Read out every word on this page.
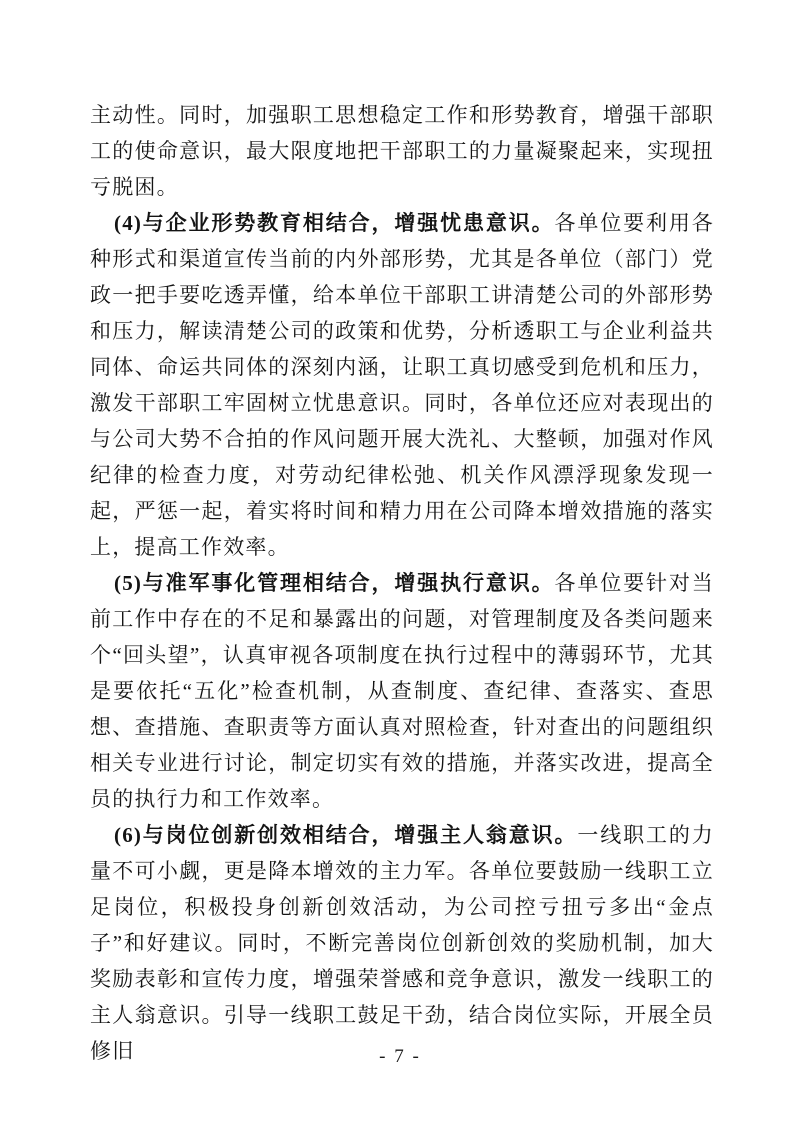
主动性。同时，加强职工思想稳定工作和形势教育，增强干部职工的使命意识，最大限度地把干部职工的力量凝聚起来，实现扭亏脱困。

(4)与企业形势教育相结合，增强忧患意识。各单位要利用各种形式和渠道宣传当前的内外部形势，尤其是各单位（部门）党政一把手要吃透弄懂，给本单位干部职工讲清楚公司的外部形势和压力，解读清楚公司的政策和优势，分析透职工与企业利益共同体、命运共同体的深刻内涵，让职工真切感受到危机和压力，激发干部职工牢固树立忧患意识。同时，各单位还应对表现出的与公司大势不合拍的作风问题开展大洗礼、大整顿，加强对作风纪律的检查力度，对劳动纪律松弛、机关作风漂浮现象发现一起，严惩一起，着实将时间和精力用在公司降本增效措施的落实上，提高工作效率。

(5)与准军事化管理相结合，增强执行意识。各单位要针对当前工作中存在的不足和暴露出的问题，对管理制度及各类问题来个“回头望”，认真审视各项制度在执行过程中的薄弱环节，尤其是要依托“五化”检查机制，从查制度、查纪律、查落实、查思想、查措施、查职责等方面认真对照检查，针对查出的问题组织相关专业进行讨论，制定切实有效的措施，并落实改进，提高全员的执行力和工作效率。

(6)与岗位创新创效相结合，增强主人翁意识。一线职工的力量不可小觑，更是降本增效的主力军。各单位要鼓励一线职工立足岗位，积极投身创新创效活动，为公司控亏扭亏多出“金点子”和好建议。同时，不断完善岗位创新创效的奖励机制，加大奖励表彰和宣传力度，增强荣誉感和竞争意识，激发一线职工的主人翁意识。引导一线职工鼓足干劲，结合岗位实际，开展全员修旧	- 7 -
